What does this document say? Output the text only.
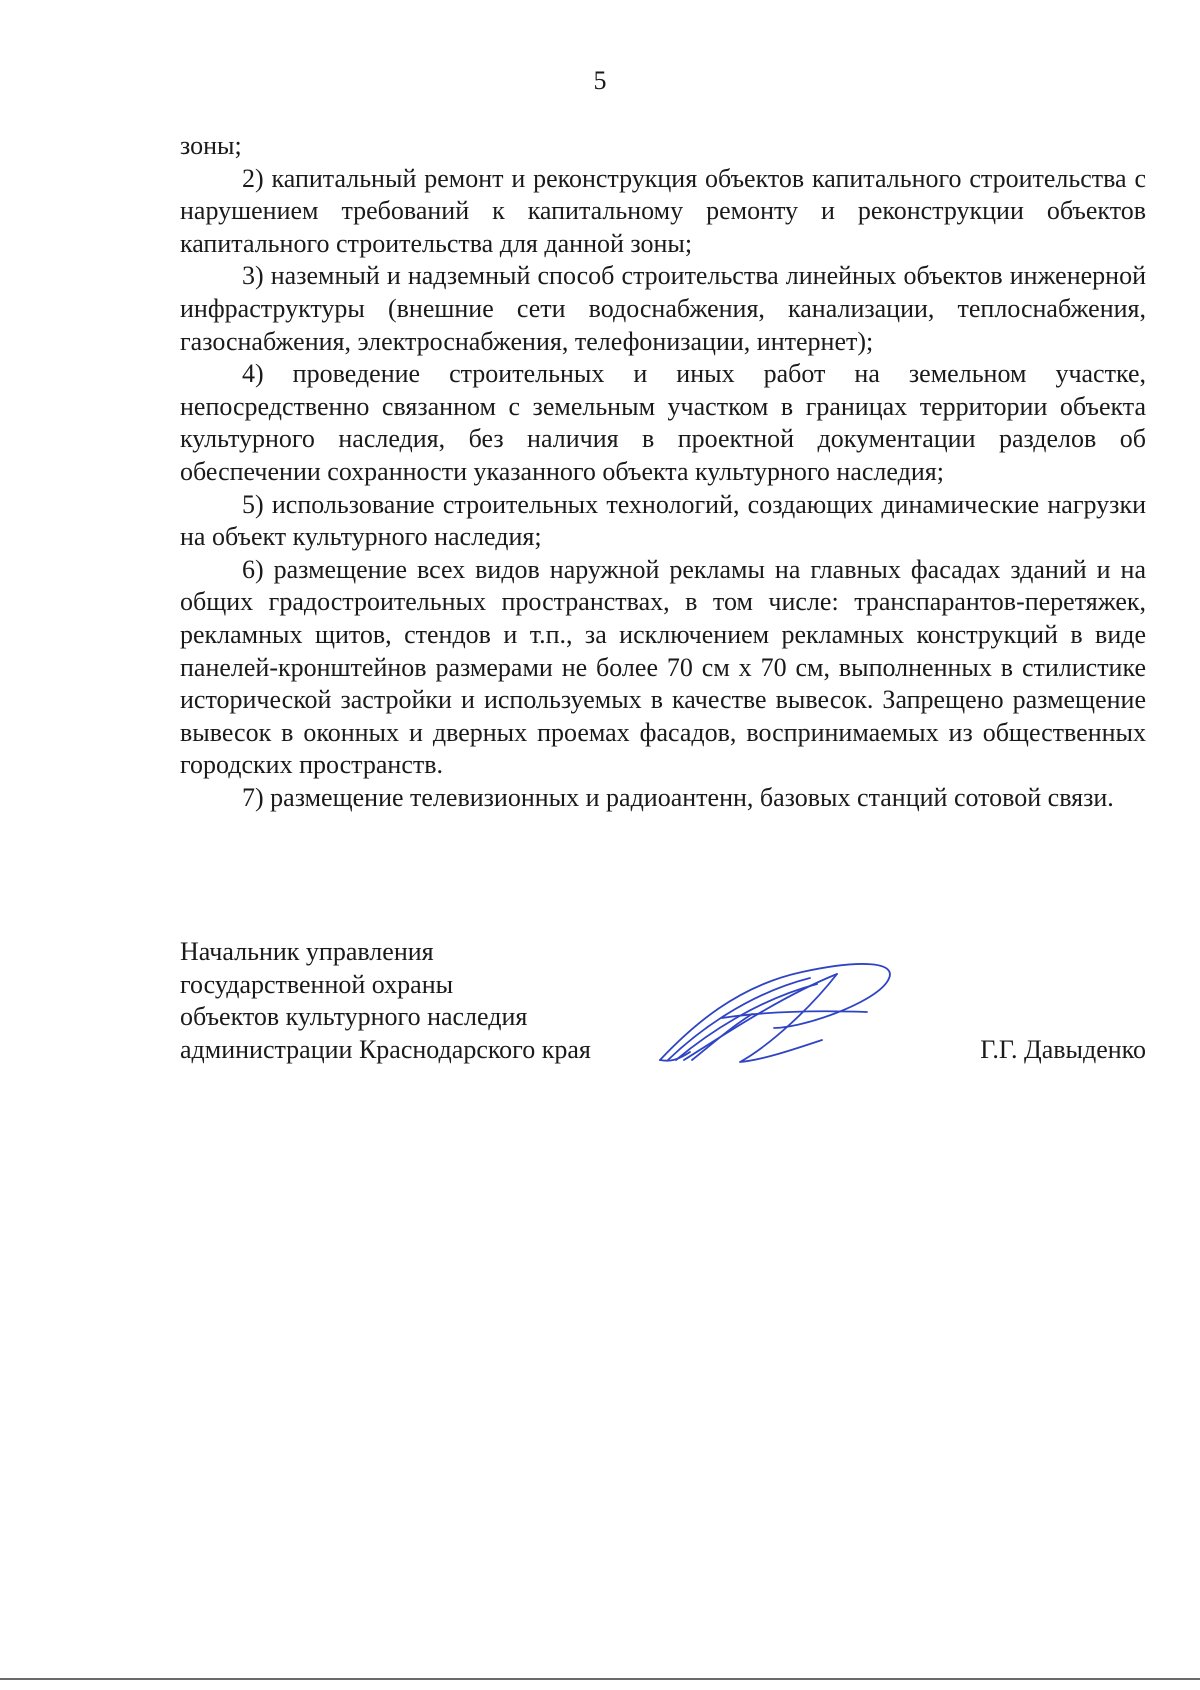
5

зоны;

2) капитальный ремонт и реконструкция объектов капитального строительства с нарушением требований к капитальному ремонту и реконструкции объектов капитального строительства для данной зоны;

3) наземный и надземный способ строительства линейных объектов инженерной инфраструктуры (внешние сети водоснабжения, канализации, теплоснабжения, газоснабжения, электроснабжения, телефонизации, интернет);

4) проведение строительных и иных работ на земельном участке, непосредственно связанном с земельным участком в границах территории объекта культурного наследия, без наличия в проектной документации разделов об обеспечении сохранности указанного объекта культурного наследия;

5) использование строительных технологий, создающих динамические нагрузки на объект культурного наследия;

6) размещение всех видов наружной рекламы на главных фасадах зданий и на общих градостроительных пространствах, в том числе: транспарантов-перетяжек, рекламных щитов, стендов и т.п., за исключением рекламных конструкций в виде панелей-кронштейнов размерами не более 70 см х 70 см, выполненных в стилистике исторической застройки и используемых в качестве вывесок. Запрещено размещение вывесок в оконных и дверных проемах фасадов, воспринимаемых из общественных городских пространств.

7) размещение телевизионных и радиоантенн, базовых станций сотовой связи.

Начальник управления
государственной охраны
объектов культурного наследия
администрации Краснодарского края	Г.Г. Давыденко
